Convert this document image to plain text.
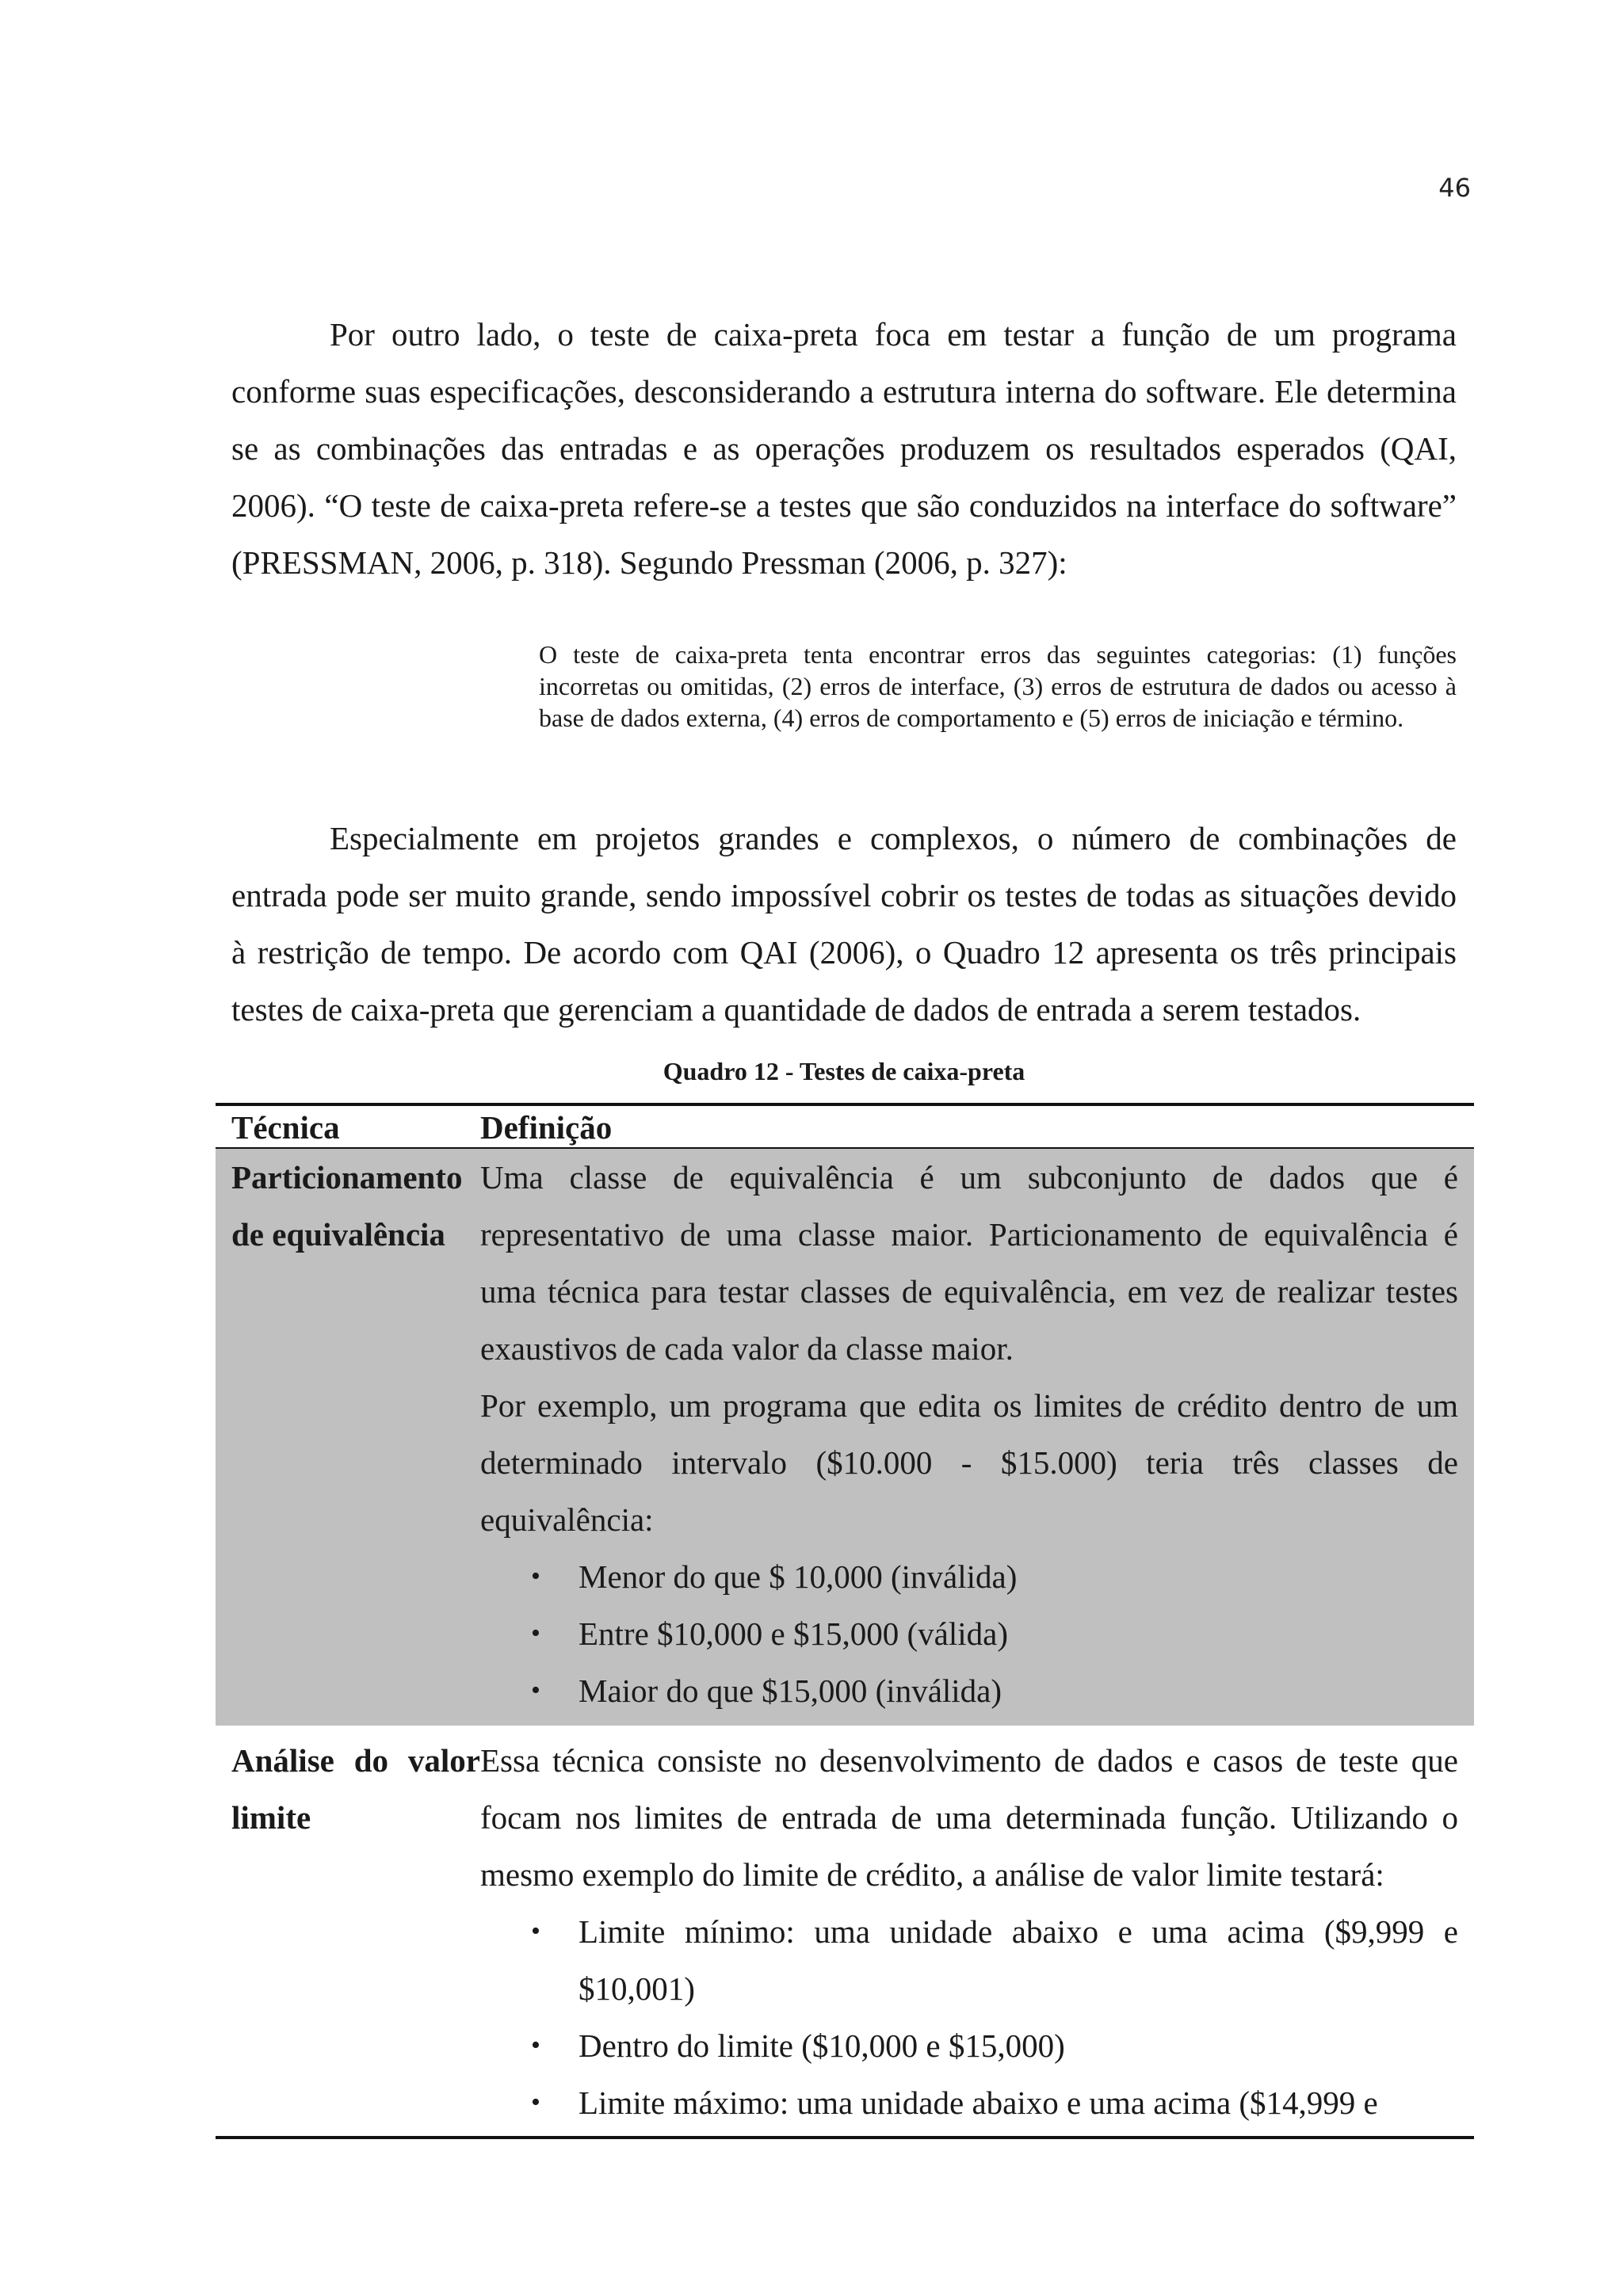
46

Por outro lado, o teste de caixa-preta foca em testar a função de um programa conforme suas especificações, desconsiderando a estrutura interna do software. Ele determina se as combinações das entradas e as operações produzem os resultados esperados (QAI, 2006). “O teste de caixa-preta refere-se a testes que são conduzidos na interface do software” (PRESSMAN, 2006, p. 318). Segundo Pressman (2006, p. 327):

O teste de caixa-preta tenta encontrar erros das seguintes categorias: (1) funções incorretas ou omitidas, (2) erros de interface, (3) erros de estrutura de dados ou acesso à base de dados externa, (4) erros de comportamento e (5) erros de iniciação e término.

Especialmente em projetos grandes e complexos, o número de combinações de entrada pode ser muito grande, sendo impossível cobrir os testes de todas as situações devido à restrição de tempo. De acordo com QAI (2006), o Quadro 12 apresenta os três principais testes de caixa-preta que gerenciam a quantidade de dados de entrada a serem testados.

Quadro 12 - Testes de caixa-preta
Técnica	Definição
Particionamento de equivalência

Uma classe de equivalência é um subconjunto de dados que é representativo de uma classe maior. Particionamento de equivalência é uma técnica para testar classes de equivalência, em vez de realizar testes exaustivos de cada valor da classe maior.

Por exemplo, um programa que edita os limites de crédito dentro de um determinado intervalo ($10.000 - $15.000) teria três classes de equivalência:

• Menor do que $ 10,000 (inválida)
• Entre $10,000 e $15,000 (válida)
• Maior do que $15,000 (inválida)
Análise do valor limite

Essa técnica consiste no desenvolvimento de dados e casos de teste que focam nos limites de entrada de uma determinada função. Utilizando o mesmo exemplo do limite de crédito, a análise de valor limite testará:

• Limite mínimo: uma unidade abaixo e uma acima ($9,999 e $10,001)
• Dentro do limite ($10,000 e $15,000)
• Limite máximo: uma unidade abaixo e uma acima ($14,999 e
